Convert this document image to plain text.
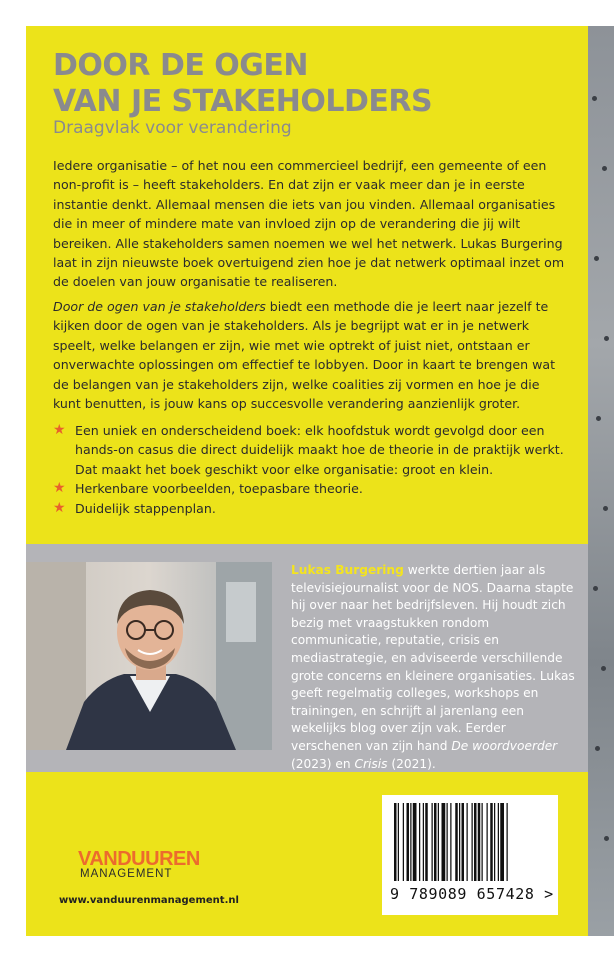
DOOR DE OGEN
VAN JE STAKEHOLDERS
Draagvlak voor verandering

Iedere organisatie – of het nou een commercieel bedrijf, een gemeente of een non-profit is – heeft stakeholders. En dat zijn er vaak meer dan je in eerste instantie denkt. Allemaal mensen die iets van jou vinden. Allemaal organisaties die in meer of mindere mate van invloed zijn op de verandering die jij wilt bereiken. Alle stakeholders samen noemen we wel het netwerk. Lukas Burgering laat in zijn nieuwste boek overtuigend zien hoe je dat netwerk optimaal inzet om de doelen van jouw organisatie te realiseren.

Door de ogen van je stakeholders biedt een methode die je leert naar jezelf te kijken door de ogen van je stakeholders. Als je begrijpt wat er in je netwerk speelt, welke belangen er zijn, wie met wie optrekt of juist niet, ontstaan er onverwachte oplossingen om effectief te lobbyen. Door in kaart te brengen wat de belangen van je stakeholders zijn, welke coalities zij vormen en hoe je die kunt benutten, is jouw kans op succesvolle verandering aanzienlijk groter.

★ Een uniek en onderscheidend boek: elk hoofdstuk wordt gevolgd door een hands-on casus die direct duidelijk maakt hoe de theorie in de praktijk werkt. Dat maakt het boek geschikt voor elke organisatie: groot en klein.
★ Herkenbare voorbeelden, toepasbare theorie.
★ Duidelijk stappenplan.

Lukas Burgering werkte dertien jaar als televisiejournalist voor de NOS. Daarna stapte hij over naar het bedrijfsleven. Hij houdt zich bezig met vraagstukken rondom communicatie, reputatie, crisis en mediastrategie, en adviseerde verschillende grote concerns en kleinere organisaties. Lukas geeft regelmatig colleges, workshops en trainingen, en schrijft al jarenlang een wekelijks blog over zijn vak. Eerder verschenen van zijn hand De woordvoerder (2023) en Crisis (2021).

VANDUUREN
MANAGEMENT
www.vanduurenmanagement.nl	9 789089 657428 >
